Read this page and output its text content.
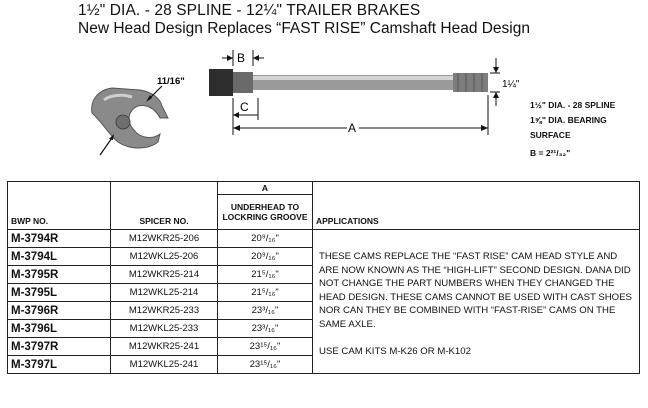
1½" DIA. - 28 SPLINE - 12¼" TRAILER BRAKES
New Head Design Replaces “FAST RISE” Camshaft Head Design
11/16"
B
C
A
1¼"
1½" DIA. - 28 SPLINE
1⅝" DIA. BEARING
SURFACE
B = 2²¹/₃₂"
BWP NO.	SPICER NO.	A	APPLICATIONS
		UNDERHEAD TO LOCKRING GROOVE	
M-3794R	M12WKR25-206	20⁹/₁₆"	THESE CAMS REPLACE THE “FAST RISE” CAM HEAD STYLE AND ARE NOW KNOWN AS THE “HIGH-LIFT” SECOND DESIGN. DANA DID NOT CHANGE THE PART NUMBERS WHEN THEY CHANGED THE HEAD DESIGN. THESE CAMS CANNOT BE USED WITH CAST SHOES NOR CAN THEY BE COMBINED WITH “FAST-RISE” CAMS ON THE SAME AXLE.

USE CAM KITS M-K26 OR M-K102

M-3794L	M12WKL25-206	20⁹/₁₆"	
M-3795R	M12WKR25-214	21⁵/₁₆"	
M-3795L	M12WKL25-214	21⁵/₁₆"	
M-3796R	M12WKR25-233	23³/₁₆"	
M-3796L	M12WKL25-233	23³/₁₆"	
M-3797R	M12WKR25-241	23¹⁵/₁₆"	
M-3797L	M12WKL25-241	23¹⁵/₁₆"	
